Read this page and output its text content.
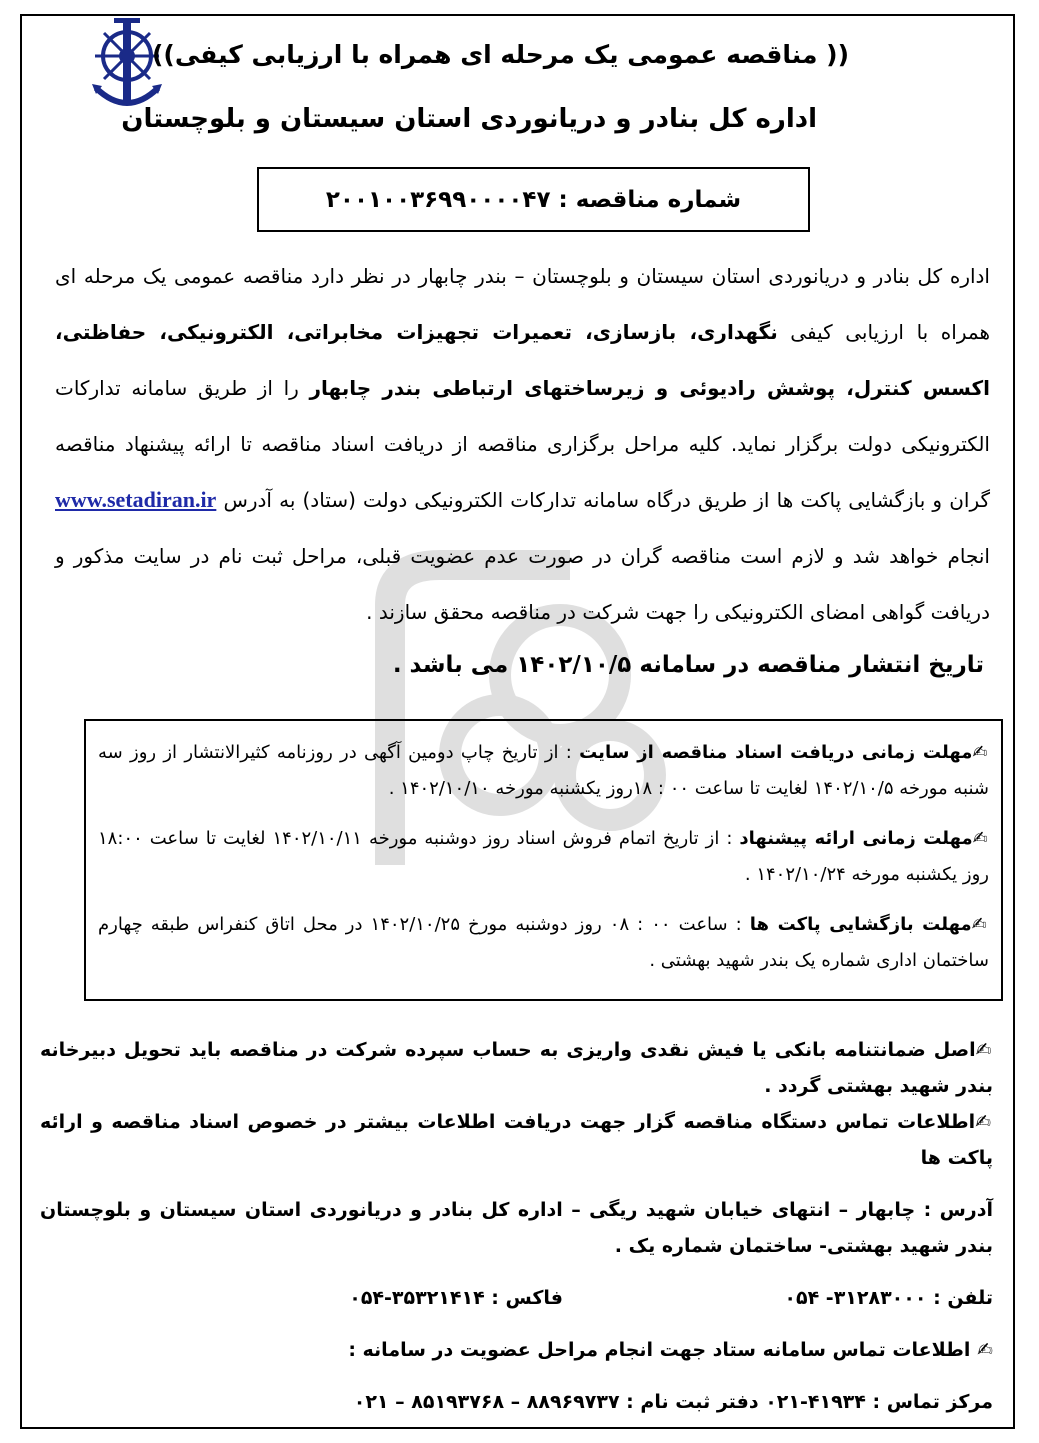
(( مناقصه عمومی یک مرحله ای همراه با ارزیابی کیفی))
اداره کل بنادر و دریانوردی استان سیستان و بلوچستان
شماره مناقصه : ۲۰۰۱۰۰۳۶۹۹۰۰۰۰۴۷
اداره کل بنادر و دریانوردی استان سیستان و بلوچستان – بندر چابهار در نظر دارد مناقصه عمومی یک مرحله ای همراه با ارزیابی کیفی نگهداری، بازسازی، تعمیرات تجهیزات مخابراتی، الکترونیکی، حفاظتی، اکسس کنترل، پوشش رادیوئی و زیرساختهای ارتباطی بندر چابهار را از طریق سامانه تدارکات الکترونیکی دولت برگزار نماید. کلیه مراحل برگزاری مناقصه از دریافت اسناد مناقصه تا ارائه پیشنهاد مناقصه گران و بازگشایی پاکت ها از طریق درگاه سامانه تدارکات الکترونیکی دولت (ستاد) به آدرس www.setadiran.ir انجام خواهد شد و لازم است مناقصه گران در صورت عدم عضویت قبلی، مراحل ثبت نام در سایت مذکور و دریافت گواهی امضای الکترونیکی را جهت شرکت در مناقصه محقق سازند .
تاریخ انتشار مناقصه در سامانه ۱۴۰۲/۱۰/۵ می باشد .

✍مهلت زمانی دریافت اسناد مناقصه از سایت : از تاریخ چاپ دومین آگهی در روزنامه کثیرالانتشار از روز سه شنبه مورخه ۱۴۰۲/۱۰/۵ لغایت تا ساعت ۰۰ : ۱۸روز یکشنبه مورخه ۱۴۰۲/۱۰/۱۰ .

✍مهلت زمانی ارائه پیشنهاد : از تاریخ اتمام فروش اسناد روز دوشنبه مورخه ۱۴۰۲/۱۰/۱۱ لغایت تا ساعت ۱۸:۰۰ روز یکشنبه مورخه ۱۴۰۲/۱۰/۲۴ .

✍مهلت بازگشایی پاکت ها : ساعت ۰۰ : ۰۸ روز دوشنبه مورخ ۱۴۰۲/۱۰/۲۵ در محل اتاق کنفراس طبقه چهارم ساختمان اداری شماره یک بندر شهید بهشتی .

✍اصل ضمانتنامه بانکی یا فیش نقدی واریزی به حساب سپرده شرکت در مناقصه باید تحویل دبیرخانه بندر شهید بهشتی گردد .

✍اطلاعات تماس دستگاه مناقصه گزار جهت دریافت اطلاعات بیشتر در خصوص اسناد مناقصه و ارائه پاکت ها

آدرس : چابهار – انتهای خیابان شهید ریگی – اداره کل بنادر و دریانوردی استان سیستان و بلوچستان بندر شهید بهشتی- ساختمان شماره یک .

تلفن : ۳۱۲۸۳۰۰۰- ۰۵۴
فاکس : ۳۵۳۲۱۴۱۴-۰۵۴

✍ اطلاعات تماس سامانه ستاد جهت انجام مراحل عضویت در سامانه :

مرکز تماس : ۴۱۹۳۴-۰۲۱ دفتر ثبت نام : ۸۸۹۶۹۷۳۷ – ۸۵۱۹۳۷۶۸ – ۰۲۱
